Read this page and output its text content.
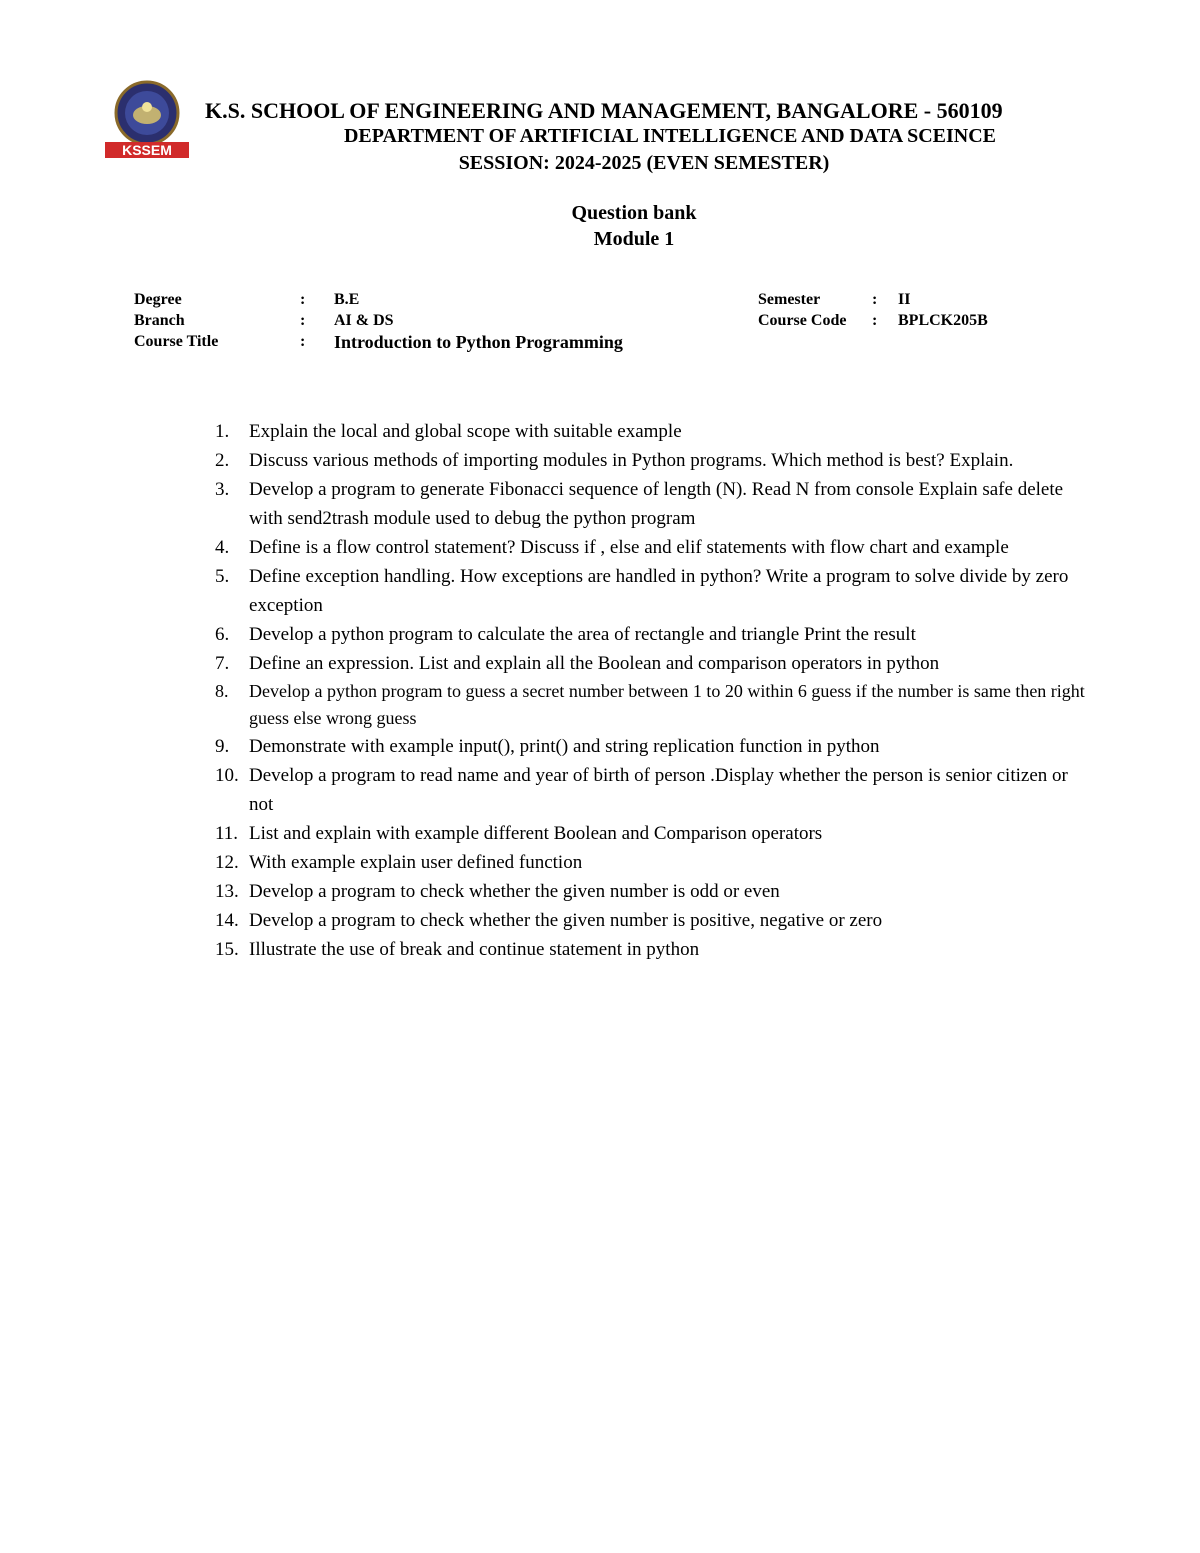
KSSEM
K.S. SCHOOL OF ENGINEERING AND MANAGEMENT, BANGALORE - 560109
DEPARTMENT OF ARTIFICIAL INTELLIGENCE AND DATA SCEINCE
SESSION: 2024-2025 (EVEN SEMESTER)
Question bank
Module 1
Degree	: B.E
Branch	: AI & DS
Course Title	: Introduction to Python Programming
Semester	: II
Course Code : BPLCK205B
1. Explain the local and global scope with suitable example
2. Discuss various methods of importing modules in Python programs. Which method is best? Explain.
3. Develop a program to generate Fibonacci sequence of length (N). Read N from console Explain safe delete with send2trash module used to debug the python program
4. Define is a flow control statement? Discuss if , else and elif statements with flow chart and example
5. Define exception handling. How exceptions are handled in python? Write a program to solve divide by zero exception
6. Develop a python program to calculate the area of rectangle and triangle Print the result
7. Define an expression. List and explain all the Boolean and comparison operators in python
8. Develop a python program to guess a secret number between 1 to 20 within 6 guess if the number is same then right guess else wrong guess
9. Demonstrate with example input(), print() and string replication function in python
10. Develop a program to read name and year of birth of person .Display whether the person is senior citizen or not
11. List and explain with example different Boolean and Comparison operators
12. With example explain user defined function
13. Develop a program to check whether the given number is odd or even
14. Develop a program to check whether the given number is positive, negative or zero
15. Illustrate the use of break and continue statement in python
